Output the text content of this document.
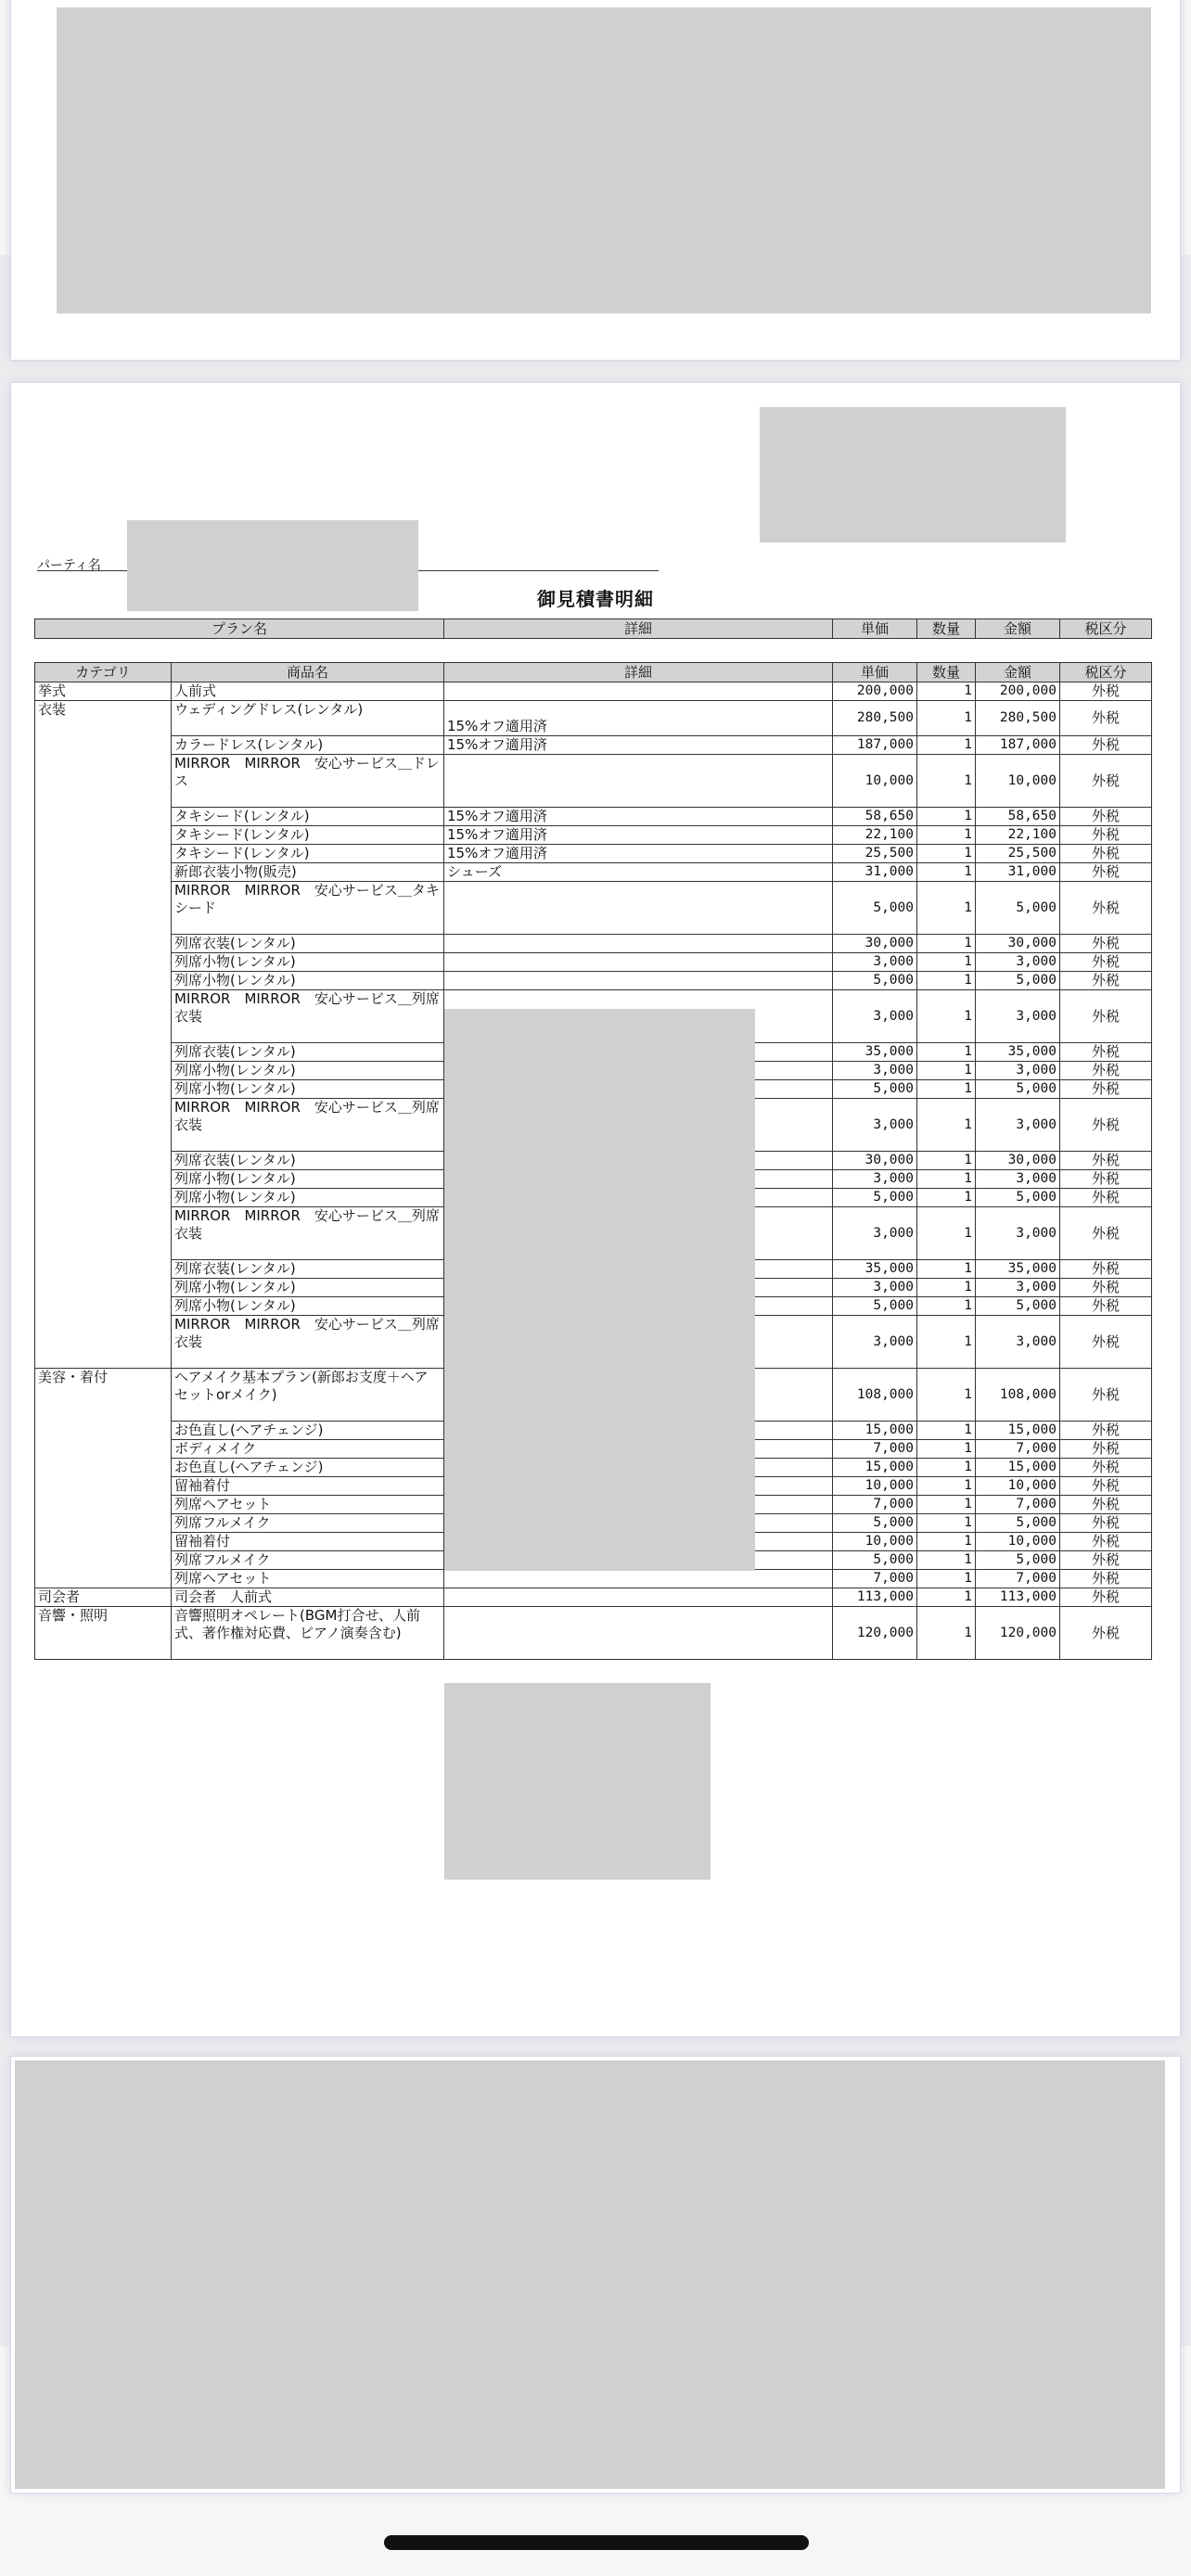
パーティ名
御見積書明細
プラン名	詳細	単価	数量	金額	税区分
カテゴリ	商品名	詳細	単価	数量	金額	税区分
挙式	人前式		200,000	1	200,000	外税
衣装	ウェディングドレス(レンタル)	15%オフ適用済	280,500	1	280,500	外税
	カラードレス(レンタル)	15%オフ適用済	187,000	1	187,000	外税
	MIRROR　MIRROR　安心サービス＿ドレス		10,000	1	10,000	外税
	タキシード(レンタル)	15%オフ適用済	58,650	1	58,650	外税
	タキシード(レンタル)	15%オフ適用済	22,100	1	22,100	外税
	タキシード(レンタル)	15%オフ適用済	25,500	1	25,500	外税
	新郎衣装小物(販売)	シューズ	31,000	1	31,000	外税
	MIRROR　MIRROR　安心サービス＿タキシード		5,000	1	5,000	外税
	列席衣装(レンタル)		30,000	1	30,000	外税
	列席小物(レンタル)		3,000	1	3,000	外税
	列席小物(レンタル)		5,000	1	5,000	外税
	MIRROR　MIRROR　安心サービス＿列席衣装		3,000	1	3,000	外税
	列席衣装(レンタル)		35,000	1	35,000	外税
	列席小物(レンタル)		3,000	1	3,000	外税
	列席小物(レンタル)		5,000	1	5,000	外税
	MIRROR　MIRROR　安心サービス＿列席衣装		3,000	1	3,000	外税
	列席衣装(レンタル)		30,000	1	30,000	外税
	列席小物(レンタル)		3,000	1	3,000	外税
	列席小物(レンタル)		5,000	1	5,000	外税
	MIRROR　MIRROR　安心サービス＿列席衣装		3,000	1	3,000	外税
	列席衣装(レンタル)		35,000	1	35,000	外税
	列席小物(レンタル)		3,000	1	3,000	外税
	列席小物(レンタル)		5,000	1	5,000	外税
	MIRROR　MIRROR　安心サービス＿列席衣装		3,000	1	3,000	外税
美容・着付	ヘアメイク基本プラン(新郎お支度＋ヘアセットorメイク)		108,000	1	108,000	外税
	お色直し(ヘアチェンジ)		15,000	1	15,000	外税
	ボディメイク		7,000	1	7,000	外税
	お色直し(ヘアチェンジ)		15,000	1	15,000	外税
	留袖着付		10,000	1	10,000	外税
	列席ヘアセット		7,000	1	7,000	外税
	列席フルメイク		5,000	1	5,000	外税
	留袖着付		10,000	1	10,000	外税
	列席フルメイク		5,000	1	5,000	外税
	列席ヘアセット		7,000	1	7,000	外税
司会者	司会者　人前式		113,000	1	113,000	外税
音響・照明	音響照明オペレート(BGM打合せ、人前式、著作権対応費、ピアノ演奏含む)		120,000	1	120,000	外税
